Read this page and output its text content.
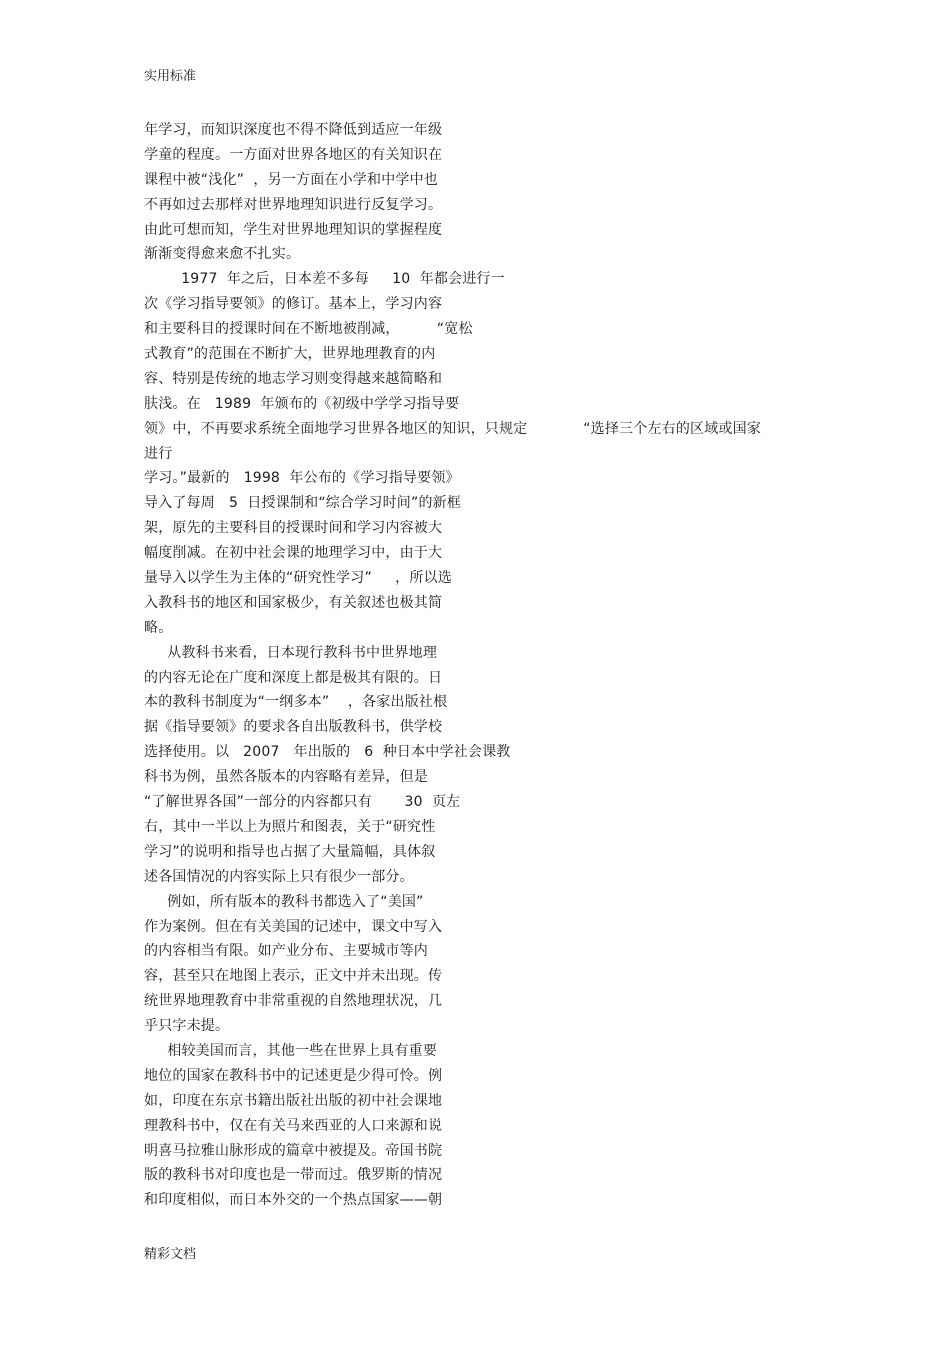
实用标准
年学习，而知识深度也不得不降低到适应一年级
学童的程度。一方面对世界各地区的有关知识在
课程中被“浅化”  ，另一方面在小学和中学中也
不再如过去那样对世界地理知识进行反复学习。
由此可想而知，学生对世界地理知识的掌握程度
渐渐变得愈来愈不扎实。
1977  年之后，日本差不多每     10  年都会进行一
次《学习指导要领》的修订。基本上，学习内容
和主要科目的授课时间在不断地被削减，        “宽松
式教育”的范围在不断扩大，世界地理教育的内
容、特别是传统的地志学习则变得越来越简略和
肤浅。在   1989  年颁布的《初级中学学习指导要
领》中，不再要求系统全面地学习世界各地区的知识，只规定            “选择三个左右的区域或国家
进行
学习。”最新的   1998  年公布的《学习指导要领》
导入了每周   5  日授课制和“综合学习时间”的新框
架，原先的主要科目的授课时间和学习内容被大
幅度削减。在初中社会课的地理学习中，由于大
量导入以学生为主体的“研究性学习”     ，所以选
入教科书的地区和国家极少，有关叙述也极其简
略。
从教科书来看，日本现行教科书中世界地理
的内容无论在广度和深度上都是极其有限的。日
本的教科书制度为“一纲多本”    ，各家出版社根
据《指导要领》的要求各自出版教科书，供学校
选择使用。以   2007   年出版的   6  种日本中学社会课教
科书为例，虽然各版本的内容略有差异，但是
“了解世界各国”一部分的内容都只有       30  页左
右，其中一半以上为照片和图表，关于“研究性
学习”的说明和指导也占据了大量篇幅，具体叙
述各国情况的内容实际上只有很少一部分。
例如，所有版本的教科书都选入了“美国”
作为案例。但在有关美国的记述中，课文中写入
的内容相当有限。如产业分布、主要城市等内
容，甚至只在地图上表示，正文中并未出现。传
统世界地理教育中非常重视的自然地理状况，几
乎只字未提。
相较美国而言，其他一些在世界上具有重要
地位的国家在教科书中的记述更是少得可怜。例
如，印度在东京书籍出版社出版的初中社会课地
理教科书中，仅在有关马来西亚的人口来源和说
明喜马拉雅山脉形成的篇章中被提及。帝国书院
版的教科书对印度也是一带而过。俄罗斯的情况
和印度相似，而日本外交的一个热点国家——朝
精彩文档
